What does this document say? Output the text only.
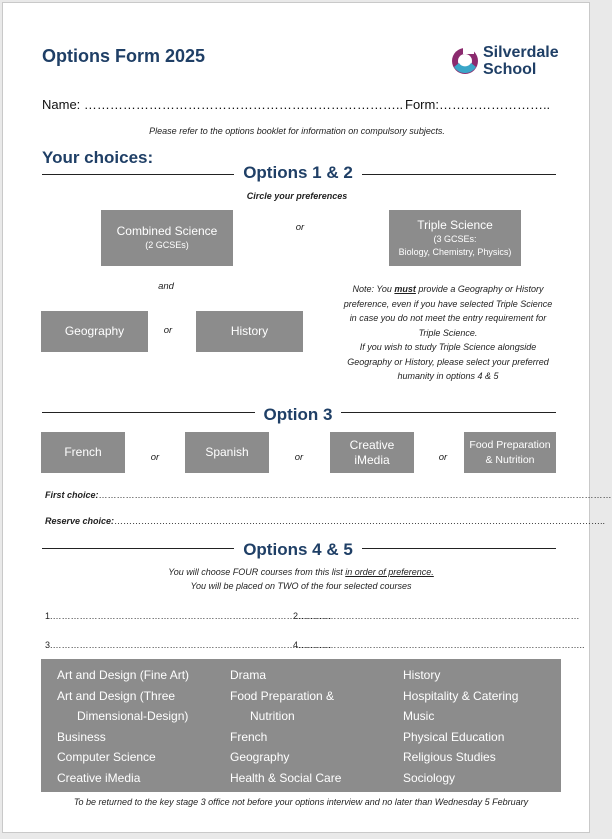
Options Form 2025	Silverdale
School
Name: ……………………………………………………………….. Form:……………………..
Please refer to the options booklet for information on compulsory subjects.
Your choices:
Options 1 & 2
Circle your preferences
Combined Science
(2 GCSEs)
or	Triple Science
(3 GCSEs:
Biology, Chemistry, Physics)
and
Geography	or	History
Note: You must provide a Geography or History preference, even if you have selected Triple Science in case you do not meet the entry requirement for Triple Science.
If you wish to study Triple Science alongside Geography or History, please select your preferred humanity in options 4 & 5
Option 3
French	or	Spanish	or
Creative
iMedia	or
Food Preparation
& Nutrition
First choice:………………………………………………………………………………………………………………………………………………………
Reserve choice:………………………………………………………………………………………………………………………………………………..
Options 4 & 5
You will choose FOUR courses from this list in order of preference.
You will be placed on TWO of the four selected courses
1.…………………………………………………………………………………
2.…………………………………………………………………………………
3.…………………………………………………………………………………
4.…………………………………………………………………………………..
Art and Design (Fine Art)
Art and Design (Three
Dimensional-Design)
Business
Computer Science
Creative iMedia
Drama
Food Preparation &
Nutrition
French
Geography
Health & Social Care
History
Hospitality & Catering
Music
Physical Education
Religious Studies
Sociology
To be returned to the key stage 3 office not before your options interview and no later than Wednesday 5 February
